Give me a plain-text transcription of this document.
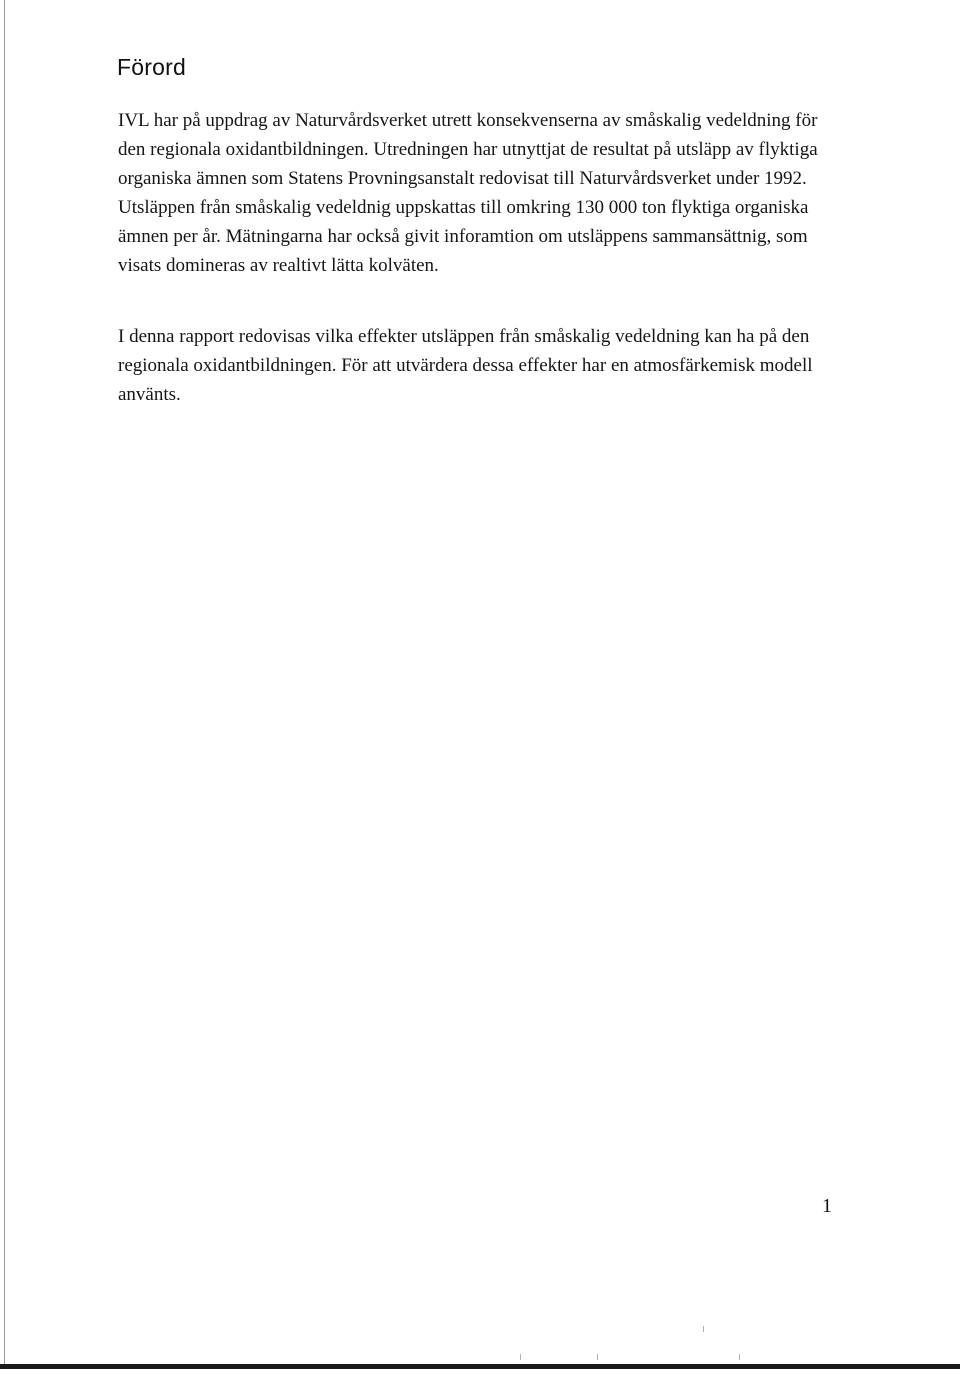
Förord

IVL har på uppdrag av Naturvårdsverket utrett konsekvenserna av småskalig vedeldning för den regionala oxidantbildningen. Utredningen har utnyttjat de resultat på utsläpp av flyktiga organiska ämnen som Statens Provningsanstalt redovisat till Naturvårdsverket under 1992. Utsläppen från småskalig vedeldnig uppskattas till omkring 130 000 ton flyktiga organiska ämnen per år. Mätningarna har också givit inforamtion om utsläppens sammansättnig, som visats domineras av realtivt lätta kolväten.

I denna rapport redovisas vilka effekter utsläppen från småskalig vedeldning kan ha på den regionala oxidantbildningen. För att utvärdera dessa effekter har en atmosfärkemisk modell använts.

1
